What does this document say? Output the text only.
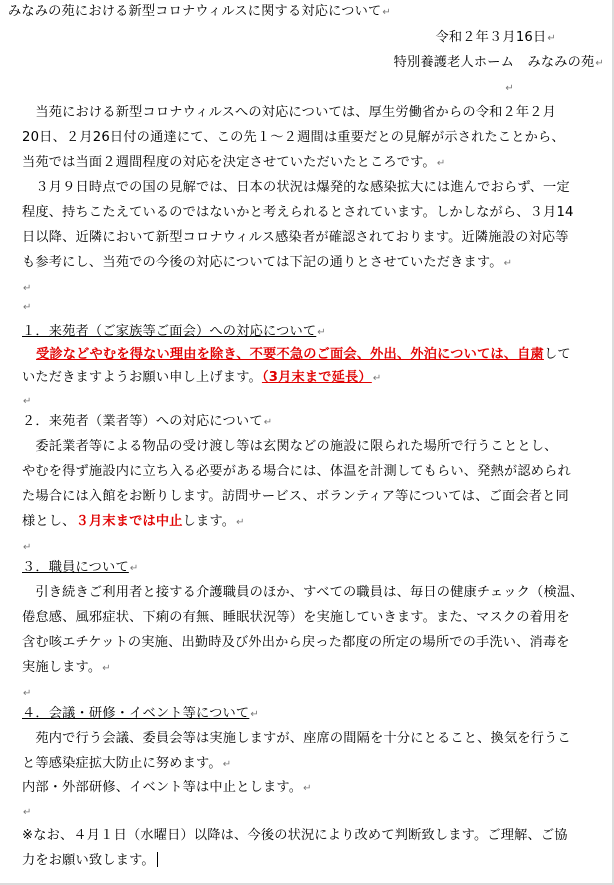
みなみの苑における新型コロナウィルスに関する対応について↵
令和２年３月16日↵
特別養護老人ホーム　みなみの苑↵
↵
　当苑における新型コロナウィルスへの対応については、厚生労働省からの令和２年２月
20日、２月26日付の通達にて、この先１～２週間は重要だとの見解が示されたことから、
当苑では当面２週間程度の対応を決定させていただいたところです。↵
　３月９日時点での国の見解では、日本の状況は爆発的な感染拡大には進んでおらず、一定
程度、持ちこたえているのではないかと考えられるとされています。しかしながら、３月14
日以降、近隣において新型コロナウィルス感染者が確認されております。近隣施設の対応等
も参考にし、当苑での今後の対応については下記の通りとさせていただきます。↵
↵
↵
１．来苑者（ご家族等ご面会）への対応について↵
受診などやむを得ない理由を除き、不要不急のご面会、外出、外泊については、自粛して
いただきますようお願い申し上げます。（3月末まで延長）↵
↵
２．来苑者（業者等）への対応について↵
　委託業者等による物品の受け渡し等は玄関などの施設に限られた場所で行うこととし、
やむを得ず施設内に立ち入る必要がある場合には、体温を計測してもらい、発熱が認められ
た場合には入館をお断りします。訪問サービス、ボランティア等については、ご面会者と同
様とし、３月末までは中止します。↵
↵
３．職員について↵
　引き続きご利用者と接する介護職員のほか、すべての職員は、毎日の健康チェック（検温、
倦怠感、風邪症状、下痢の有無、睡眠状況等）を実施していきます。また、マスクの着用を
含む咳エチケットの実施、出勤時及び外出から戻った都度の所定の場所での手洗い、消毒を
実施します。↵
↵
４．会議・研修・イベント等について↵
　苑内で行う会議、委員会等は実施しますが、座席の間隔を十分にとること、換気を行うこ
と等感染症拡大防止に努めます。↵
内部・外部研修、イベント等は中止とします。↵
↵
※なお、４月１日（水曜日）以降は、今後の状況により改めて判断致します。ご理解、ご協
力をお願い致します。
